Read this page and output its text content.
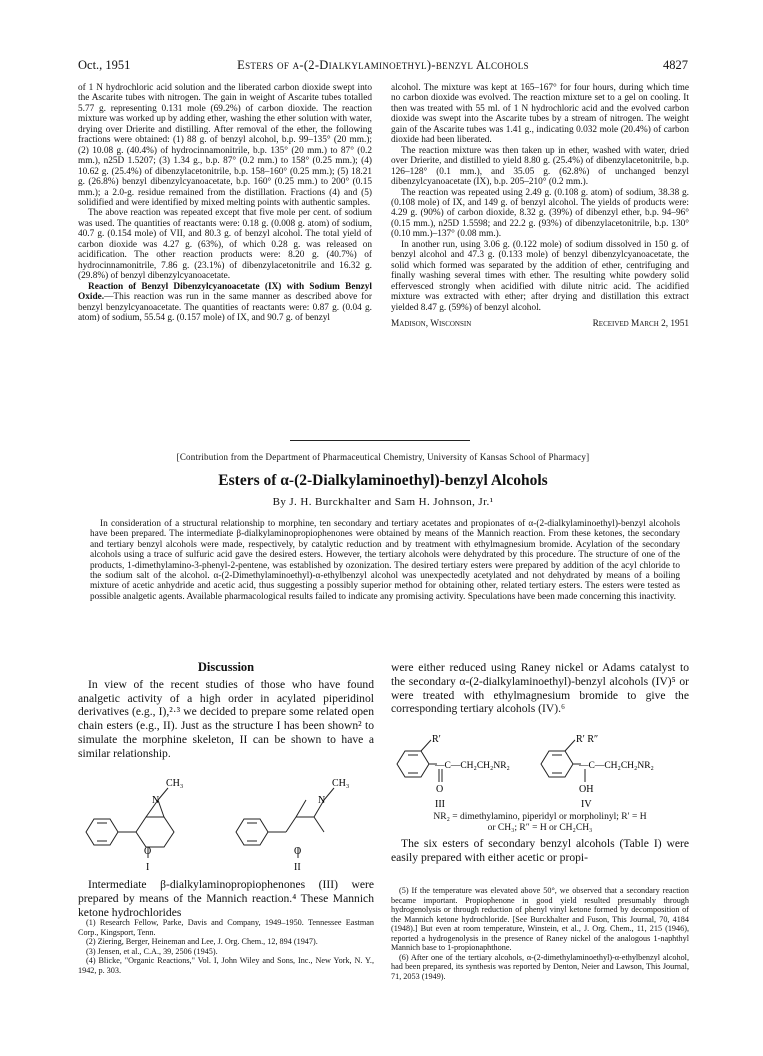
Oct., 1951	Esters of α-(2-Dialkylaminoethyl)-benzyl Alcohols	4827

of 1 N hydrochloric acid solution and the liberated carbon dioxide swept into the Ascarite tubes with nitrogen. The gain in weight of Ascarite tubes totalled 5.77 g. representing 0.131 mole (69.2%) of carbon dioxide. The reaction mixture was worked up by adding ether, washing the ether solution with water, drying over Drierite and distilling. After removal of the ether, the following fractions were obtained: (1) 88 g. of benzyl alcohol, b.p. 99–135° (20 mm.); (2) 10.08 g. (40.4%) of hydrocinnamonitrile, b.p. 135° (20 mm.) to 87° (0.2 mm.), n25D 1.5207; (3) 1.34 g., b.p. 87° (0.2 mm.) to 158° (0.25 mm.); (4) 10.62 g. (25.4%) of dibenzylacetonitrile, b.p. 158–160° (0.25 mm.); (5) 18.21 g. (26.8%) benzyl dibenzylcyanoacetate, b.p. 160° (0.25 mm.) to 200° (0.15 mm.); a 2.0-g. residue remained from the distillation. Fractions (4) and (5) solidified and were identified by mixed melting points with authentic samples.

The above reaction was repeated except that five mole per cent. of sodium was used. The quantities of reactants were: 0.18 g. (0.008 g. atom) of sodium, 40.7 g. (0.154 mole) of VII, and 80.3 g. of benzyl alcohol. The total yield of carbon dioxide was 4.27 g. (63%), of which 0.28 g. was released on acidification. The other reaction products were: 8.20 g. (40.7%) of hydrocinnamonitrile, 7.86 g. (23.1%) of dibenzylacetonitrile and 16.32 g. (29.8%) of benzyl dibenzylcyanoacetate.

Reaction of Benzyl Dibenzylcyanoacetate (IX) with Sodium Benzyl Oxide.—This reaction was run in the same manner as described above for benzyl benzylcyanoacetate. The quantities of reactants were: 0.87 g. (0.04 g. atom) of sodium, 55.54 g. (0.157 mole) of IX, and 90.7 g. of benzyl

alcohol. The mixture was kept at 165–167° for four hours, during which time no carbon dioxide was evolved. The reaction mixture set to a gel on cooling. It then was treated with 55 ml. of 1 N hydrochloric acid and the evolved carbon dioxide was swept into the Ascarite tubes by a stream of nitrogen. The weight gain of the Ascarite tubes was 1.41 g., indicating 0.032 mole (20.4%) of carbon dioxide had been liberated.

The reaction mixture was then taken up in ether, washed with water, dried over Drierite, and distilled to yield 8.80 g. (25.4%) of dibenzylacetonitrile, b.p. 126–128° (0.1 mm.), and 35.05 g. (62.8%) of unchanged benzyl dibenzylcyanoacetate (IX), b.p. 205–210° (0.2 mm.).

The reaction was repeated using 2.49 g. (0.108 g. atom) of sodium, 38.38 g. (0.108 mole) of IX, and 149 g. of benzyl alcohol. The yields of products were: 4.29 g. (90%) of carbon dioxide, 8.32 g. (39%) of dibenzyl ether, b.p. 94–96° (0.15 mm.), n25D 1.5598; and 22.2 g. (93%) of dibenzylacetonitrile, b.p. 130° (0.10 mm.)–137° (0.08 mm.).

In another run, using 3.06 g. (0.122 mole) of sodium dissolved in 150 g. of benzyl alcohol and 47.3 g. (0.133 mole) of benzyl dibenzylcyanoacetate, the solid which formed was separated by the addition of ether, centrifuging and finally washing several times with ether. The resulting white powdery solid effervesced strongly when acidified with dilute nitric acid. The acidified mixture was extracted with ether; after drying and distillation this extract yielded 8.47 g. (59%) of benzyl alcohol.

Madison, Wisconsin	Received March 2, 1951
[Contribution from the Department of Pharmaceutical Chemistry, University of Kansas School of Pharmacy]
Esters of α-(2-Dialkylaminoethyl)-benzyl Alcohols
By J. H. Burckhalter and Sam H. Johnson, Jr.¹
In consideration of a structural relationship to morphine, ten secondary and tertiary acetates and propionates of α-(2-dialkylaminoethyl)-benzyl alcohols have been prepared. The intermediate β-dialkylaminopropiophenones were obtained by means of the Mannich reaction. From these ketones, the secondary and tertiary benzyl alcohols were made, respectively, by catalytic reduction and by treatment with ethylmagnesium bromide. Acylation of the secondary alcohols using a trace of sulfuric acid gave the desired esters. However, the tertiary alcohols were dehydrated by this procedure. The structure of one of the products, 1-dimethylamino-3-phenyl-2-pentene, was established by ozonization. The desired tertiary esters were prepared by addition of the acyl chloride to the sodium salt of the alcohol. α-(2-Dimethylaminoethyl)-α-ethylbenzyl alcohol was unexpectedly acetylated and not dehydrated by means of a boiling mixture of acetic anhydride and acetic acid, thus suggesting a possibly superior method for obtaining other, related tertiary esters. The esters were tested as possible analgetic agents. Available pharmacological results failed to indicate any promising activity. Speculations have been made concerning this inactivity.
Discussion

In view of the recent studies of those who have found analgetic activity of a high order in acylated piperidinol derivatives (e.g., I),²·³ we decided to prepare some related open chain esters (e.g., II). Just as the structure I has been shown² to simulate the morphine skeleton, II can be shown to have a similar relationship.

CH₃
N
O
I
CH₃
N
O
II

were either reduced using Raney nickel or Adams catalyst to the secondary α-(2-dialkylaminoethyl)-benzyl alcohols (IV)⁵ or were treated with ethylmagnesium bromide to give the corresponding tertiary alcohols (IV).⁶

R′
—C—CH₂CH₂NR₂
O
III
R′ R″
—C—CH₂CH₂NR₂
OH
IV
NR₂ = dimethylamino, piperidyl or morpholinyl; R′ = H
or CH₃; R″ = H or CH₂CH₃
The six esters of secondary benzyl alcohols (Table I) were easily prepared with either acetic or propi-
Intermediate β-dialkylaminopropiophenones (III) were prepared by means of the Mannich reaction.⁴ These Mannich ketone hydrochlorides

(1) Research Fellow, Parke, Davis and Company, 1949–1950. Tennessee Eastman Corp., Kingsport, Tenn.

(2) Ziering, Berger, Heineman and Lee, J. Org. Chem., 12, 894 (1947).

(3) Jensen, et al., C.A., 39, 2506 (1945).

(4) Blicke, "Organic Reactions," Vol. I, John Wiley and Sons, Inc., New York, N. Y., 1942, p. 303.

(5) If the temperature was elevated above 50°, we observed that a secondary reaction became important. Propiophenone in good yield resulted presumably through hydrogenolysis or through reduction of phenyl vinyl ketone formed by decomposition of the Mannich ketone hydrochloride. [See Burckhalter and Fuson, This Journal, 70, 4184 (1948).] But even at room temperature, Winstein, et al., J. Org. Chem., 11, 215 (1946), reported a hydrogenolysis in the presence of Raney nickel of the analogous 1-naphthyl Mannich base to 1-propionaphthone.

(6) After one of the tertiary alcohols, α-(2-dimethylaminoethyl)-α-ethylbenzyl alcohol, had been prepared, its synthesis was reported by Denton, Neier and Lawson, This Journal, 71, 2053 (1949).
